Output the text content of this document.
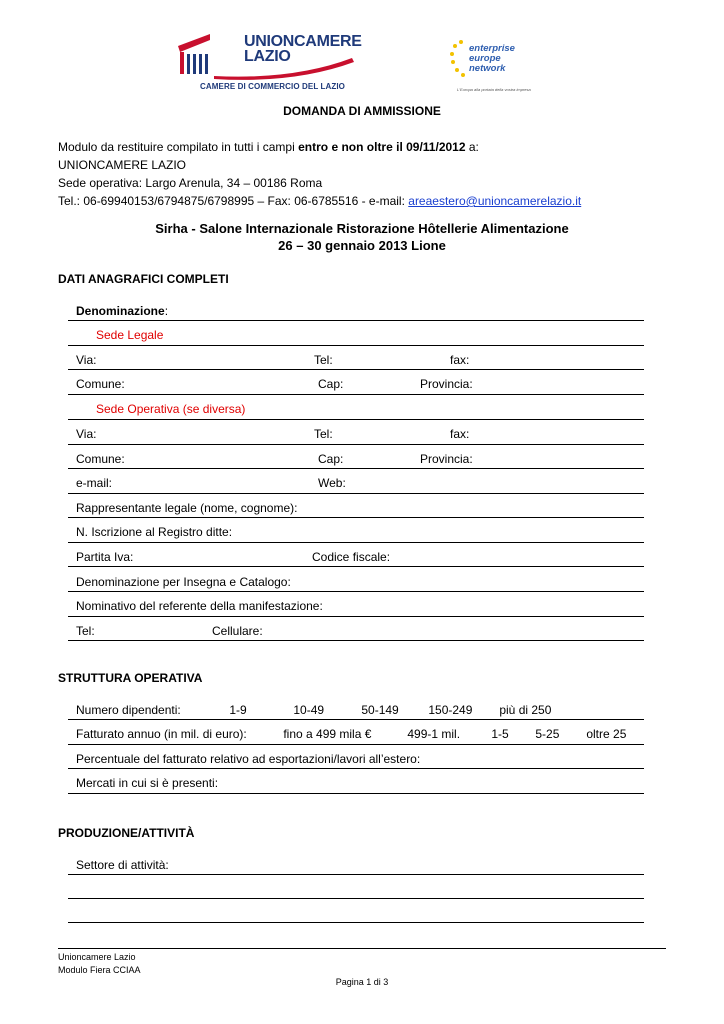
UNIONCAMERE
LAZIO
CAMERE DI COMMERCIO DEL LAZIO
enterprise
europe
network
L'Europa alla portata della vostra impresa
DOMANDA DI AMMISSIONE
Modulo da restituire compilato in tutti i campi entro e non oltre il 09/11/2012 a:
UNIONCAMERE LAZIO
Sede operativa: Largo Arenula, 34 – 00186 Roma
Tel.: 06-69940153/6794875/6798995 – Fax: 06-6785516 - e-mail: areaestero@unioncamerelazio.it
Sirha - Salone Internazionale Ristorazione Hôtellerie Alimentazione
26 – 30 gennaio 2013 Lione
DATI ANAGRAFICI COMPLETI
Denominazione:
Sede Legale
Via:	Tel:	fax:
Comune:	Cap:	Provincia:
Sede Operativa (se diversa)
Via:	Tel:	fax:
Comune:	Cap:	Provincia:
e-mail:	Web:
Rappresentante legale (nome, cognome):
N. Iscrizione al Registro ditte:
Partita Iva:	Codice fiscale:
Denominazione per Insegna e Catalogo:
Nominativo del referente della manifestazione:
Tel:	Cellulare:
STRUTTURA OPERATIVA
Numero dipendenti:	1-9	10-49	50-149 150-249 più di 250
Fatturato annuo (in mil. di euro):	fino a 499 mila €	499-1 mil.	1-5 5-25 oltre 25
Percentuale del fatturato relativo ad esportazioni/lavori all’estero:
Mercati in cui si è presenti:
PRODUZIONE/ATTIVITÀ
Settore di attività:
Unioncamere Lazio
Modulo Fiera CCIAA
Pagina 1 di 3
